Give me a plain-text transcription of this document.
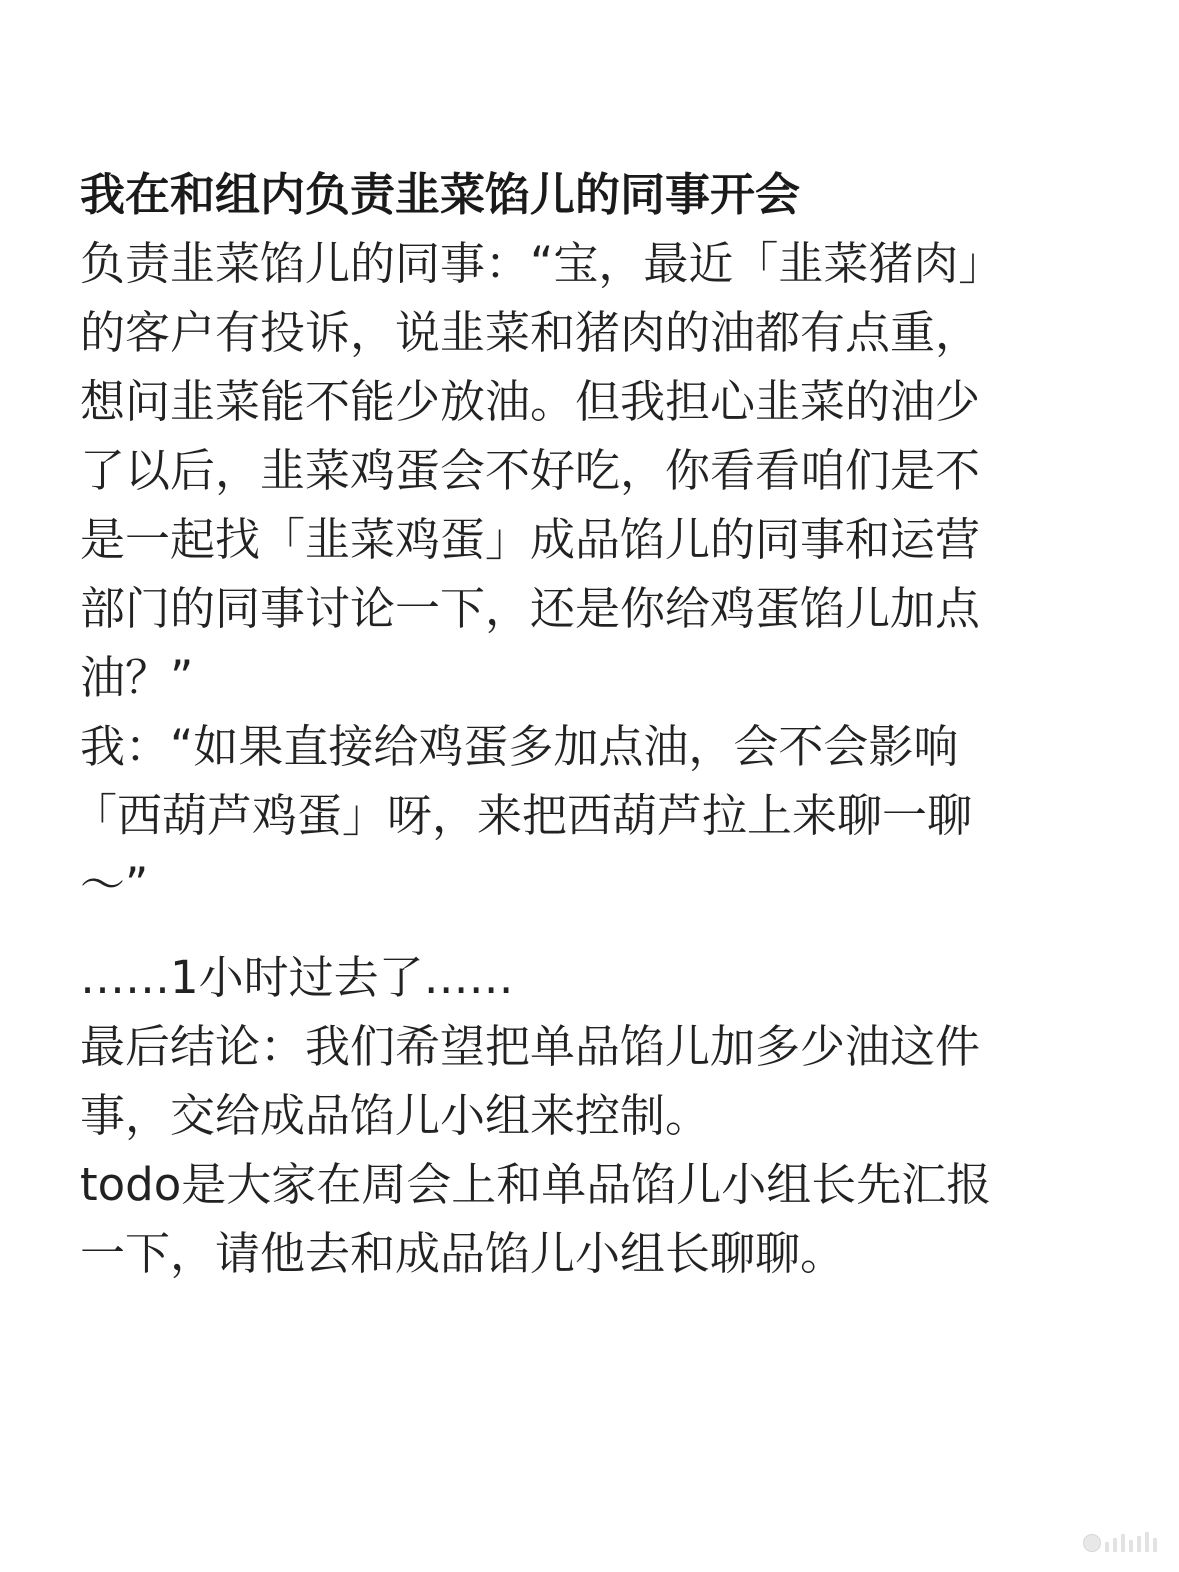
我在和组内负责韭菜馅儿的同事开会
负责韭菜馅儿的同事：“宝，最近「韭菜猪肉」
的客户有投诉，说韭菜和猪肉的油都有点重，
想问韭菜能不能少放油。但我担心韭菜的油少
了以后，韭菜鸡蛋会不好吃，你看看咱们是不
是一起找「韭菜鸡蛋」成品馅儿的同事和运营
部门的同事讨论一下，还是你给鸡蛋馅儿加点
油？”
我：“如果直接给鸡蛋多加点油，会不会影响
「西葫芦鸡蛋」呀，来把西葫芦拉上来聊一聊
～”
……1小时过去了……
最后结论：我们希望把单品馅儿加多少油这件
事，交给成品馅儿小组来控制。
todo是大家在周会上和单品馅儿小组长先汇报
一下，请他去和成品馅儿小组长聊聊。
